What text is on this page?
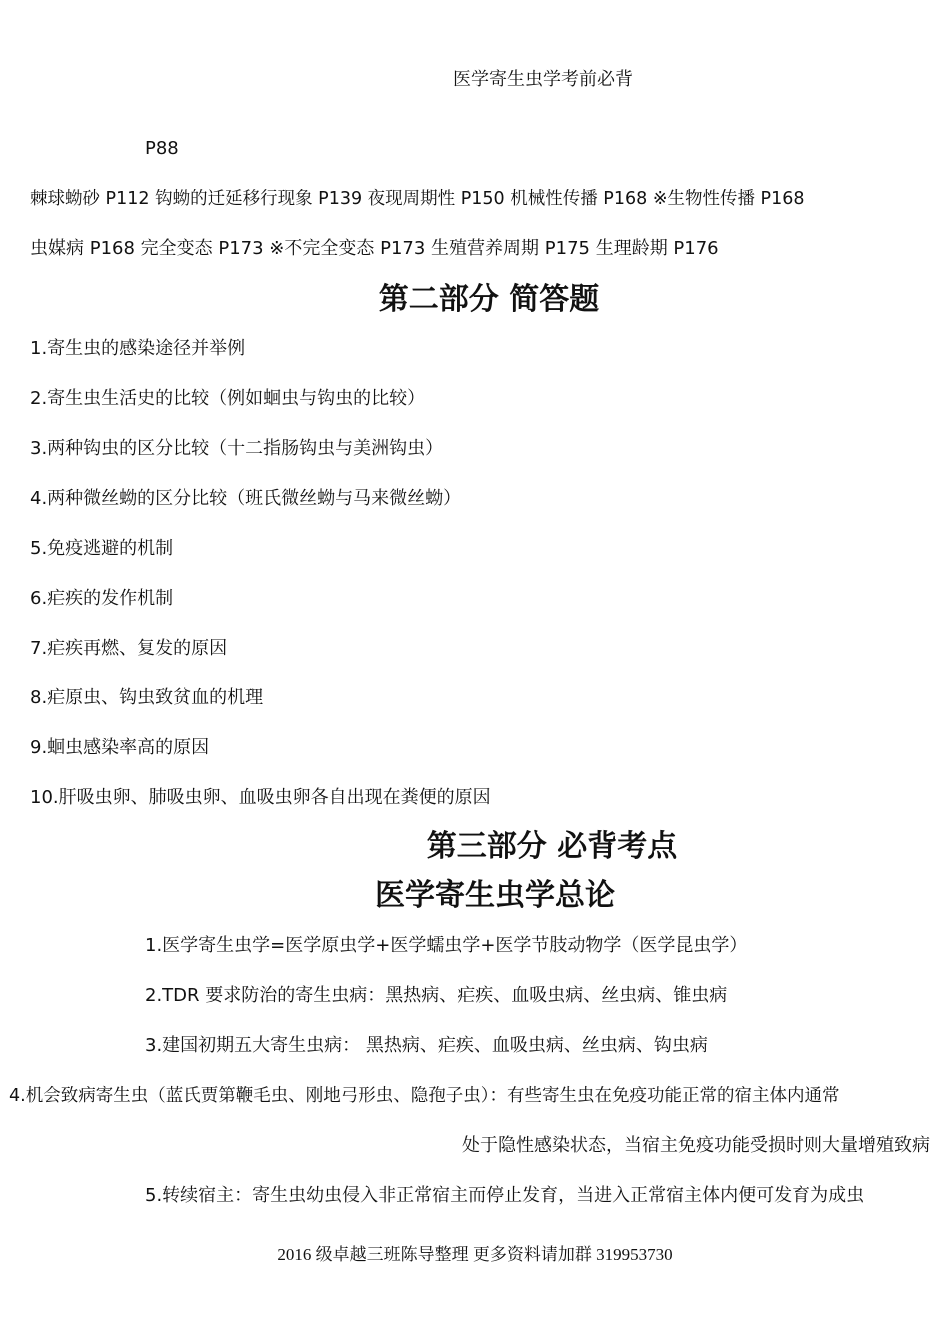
医学寄生虫学考前必背
P88
棘球蚴砂 P112 钩蚴的迁延移行现象 P139 夜现周期性 P150 机械性传播 P168 ※生物性传播 P168
虫媒病 P168 完全变态 P173 ※不完全变态 P173 生殖营养周期 P175 生理龄期 P176
第二部分 简答题
1.寄生虫的感染途径并举例
2.寄生虫生活史的比较（例如蛔虫与钩虫的比较）
3.两种钩虫的区分比较（十二指肠钩虫与美洲钩虫）
4.两种微丝蚴的区分比较（班氏微丝蚴与马来微丝蚴）
5.免疫逃避的机制
6.疟疾的发作机制
7.疟疾再燃、复发的原因
8.疟原虫、钩虫致贫血的机理
9.蛔虫感染率高的原因
10.肝吸虫卵、肺吸虫卵、血吸虫卵各自出现在粪便的原因
第三部分 必背考点
医学寄生虫学总论
1.医学寄生虫学=医学原虫学+医学蠕虫学+医学节肢动物学（医学昆虫学）
2.TDR 要求防治的寄生虫病：黑热病、疟疾、血吸虫病、丝虫病、锥虫病
3.建国初期五大寄生虫病： 黑热病、疟疾、血吸虫病、丝虫病、钩虫病
4.机会致病寄生虫（蓝氏贾第鞭毛虫、刚地弓形虫、隐孢子虫）：有些寄生虫在免疫功能正常的宿主体内通常
处于隐性感染状态，当宿主免疫功能受损时则大量增殖致病
5.转续宿主：寄生虫幼虫侵入非正常宿主而停止发育，当进入正常宿主体内便可发育为成虫
2016 级卓越三班陈导整理 更多资料请加群 319953730
